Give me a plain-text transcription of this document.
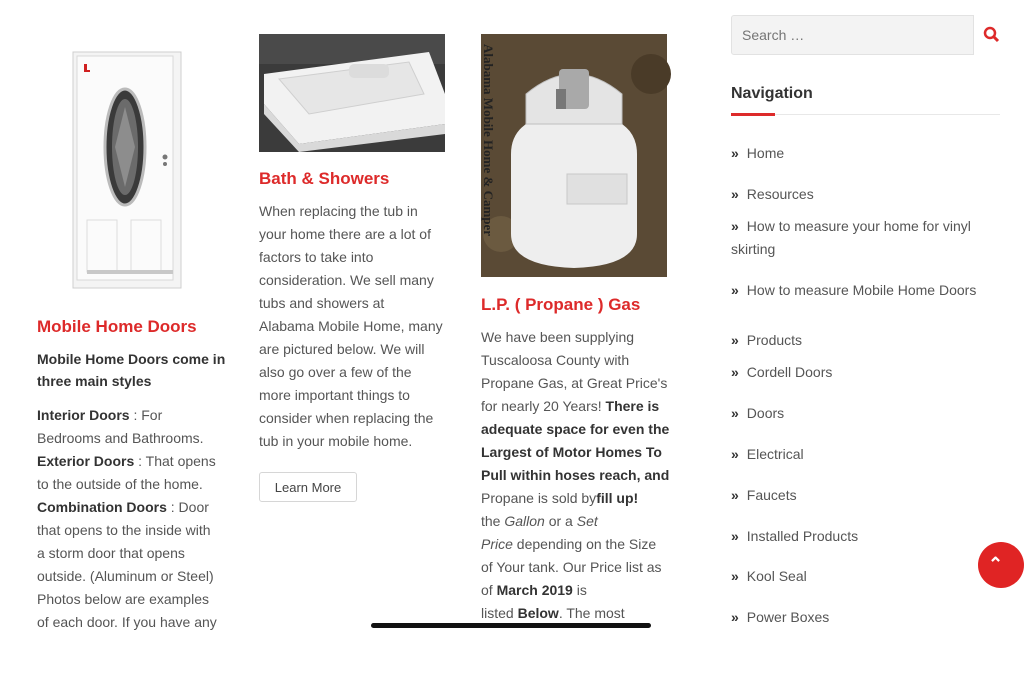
Mobile Home Doors
Mobile Home Doors come in
three main styles
Interior Doors : For
Bedrooms and Bathrooms.
Exterior Doors : That opens
to the outside of the home.
Combination Doors : Door
that opens to the inside with
a storm door that opens
outside. (Aluminum or Steel)
Photos below are examples
of each door. If you have any
Bath & Showers
When replacing the tub in
your home there are a lot of
factors to take into
consideration. We sell many
tubs and showers at
Alabama Mobile Home, many
are pictured below. We will
also go over a few of the
more important things to
consider when replacing the
tub in your mobile home.
Learn More
Alabama Mobile Home & Camper
L.P. ( Propane ) Gas
We have been supplying
Tuscaloosa County with
Propane Gas, at Great Price's
for nearly 20 Years! There is
adequate space for even the
Largest of Motor Homes To
Pull within hoses reach, and
Propane is sold byfill up!
the Gallon or a Set
Price depending on the Size
of Your tank. Our Price list as
of March 2019 is
listed Below. The most
Search …
Navigation
» Home
» Resources
» How to measure your home for vinyl
skirting
» How to measure Mobile Home Doors
» Products
» Cordell Doors
» Doors
» Electrical
» Faucets
» Installed Products
» Kool Seal
» Power Boxes
⌃
